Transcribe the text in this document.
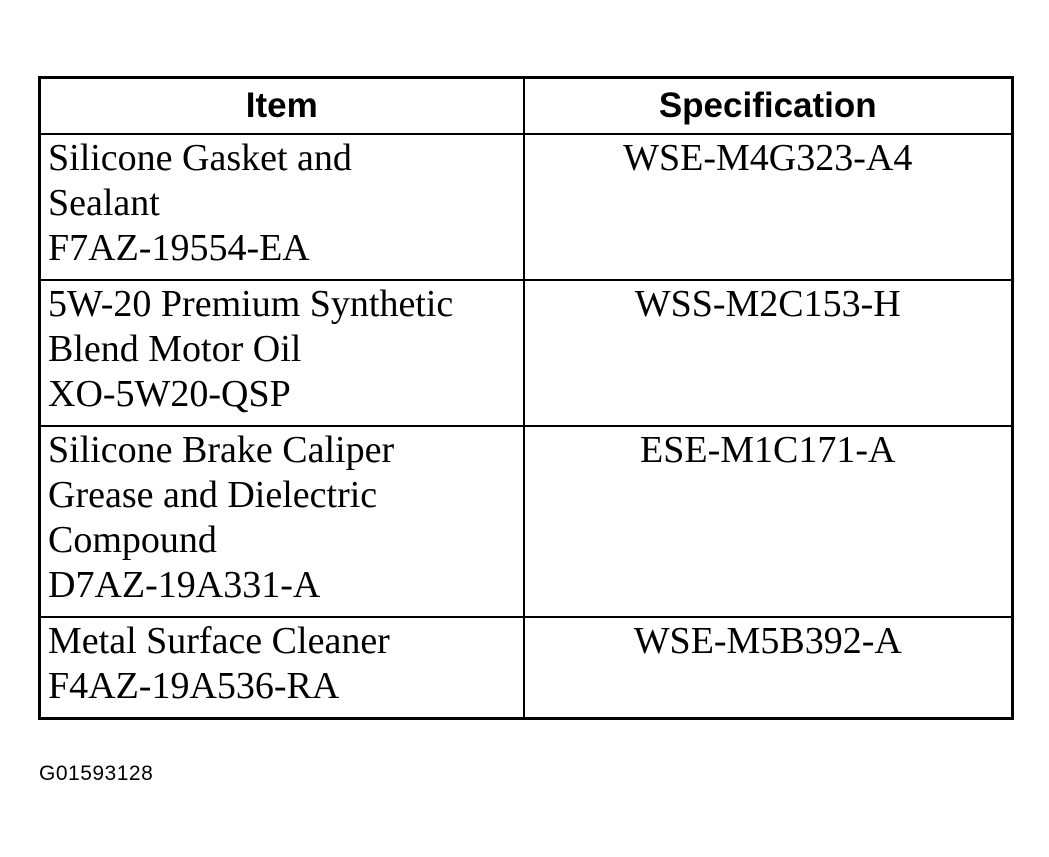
Item	Specification

Silicone Gasket and
Sealant
F7AZ-19554-EA	WSE-M4G323-A4

5W-20 Premium Synthetic
Blend Motor Oil
XO-5W20-QSP	WSS-M2C153-H

Silicone Brake Caliper
Grease and Dielectric
Compound
D7AZ-19A331-A	ESE-M1C171-A

Metal Surface Cleaner
F4AZ-19A536-RA	WSE-M5B392-A
G01593128
